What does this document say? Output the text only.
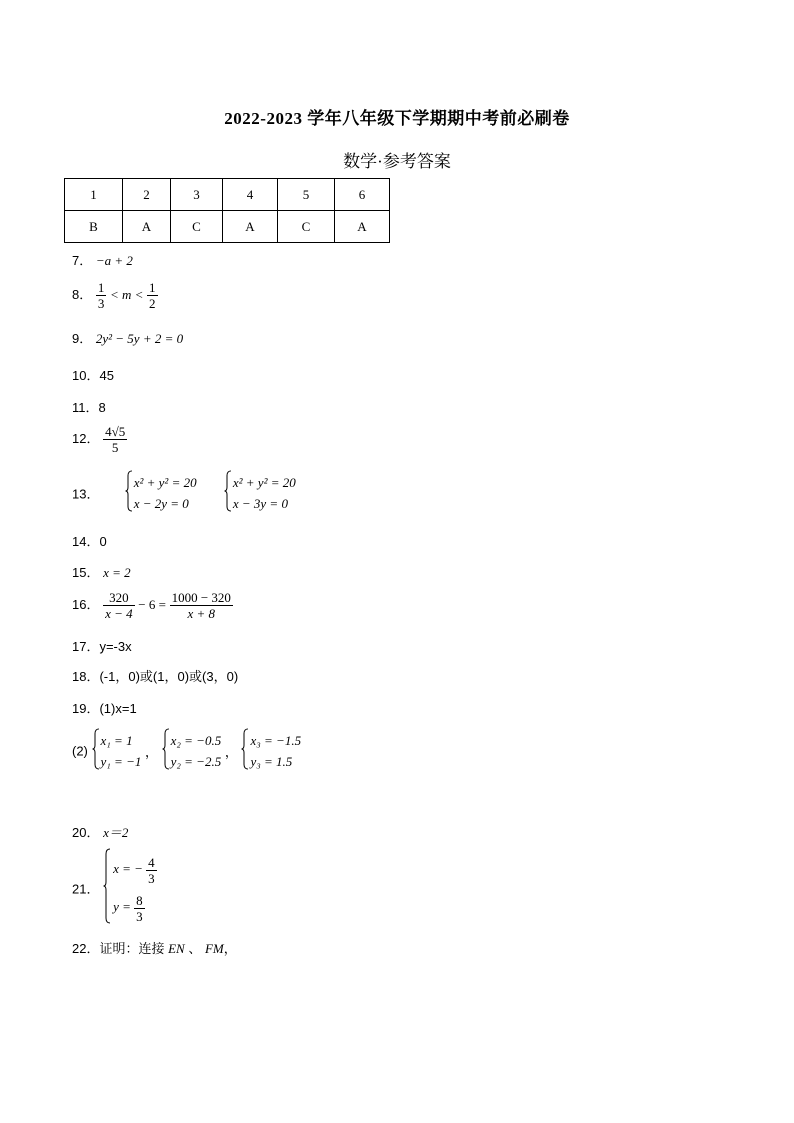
2022-2023 学年八年级下学期期中考前必刷卷
数学·参考答案
1	2	3	4	5	6
B	A	C	A	C	A
7． −a + 2
8． $\frac{1}{3} < m < \frac{1}{2}$
9． 2y² − 5y + 2 = 0
10．45
11．8
12． $\frac{4√5}{5}$
13．
x² + y² = 20
x − 2y = 0

x² + y² = 20
x − 3y = 0
14．0
15． x = 2
16． $\frac{320}{x - 4} - 6 = \frac{1000 - 320}{x + 8}$
17．y=-3x
18．(-1，0)或(1，0)或(3，0)
19．(1)x=1
(2)
x₁ = 1
y₁ = −1
，
x₂ = −0.5
y₂ = −2.5
，
x₃ = −1.5
y₃ = 1.5
20． x＝2
21．
x = − $\frac{4}{3}$
$y = \frac{8}{3}$
22．证明：连接 EN 、 FM，
